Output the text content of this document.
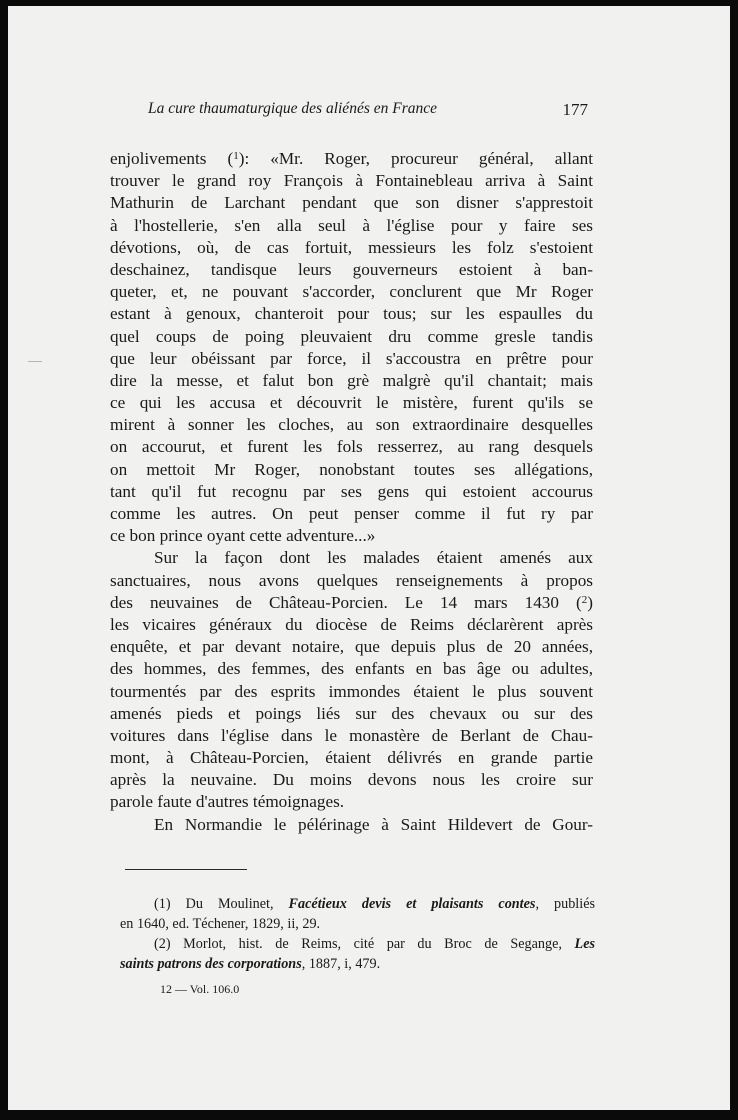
La cure thaumaturgique des aliénés en France	177
enjolivements ($^1$): «Mr. Roger, procureur général, allant
trouver le grand roy François à Fontainebleau arriva à Saint
Mathurin de Larchant pendant que son disner s'apprestoit
à l'hostellerie, s'en alla seul à l'église pour y faire ses
dévotions, où, de cas fortuit, messieurs les folz s'estoient
deschainez, tandisque leurs gouverneurs estoient à ban-
queter, et, ne pouvant s'accorder, conclurent que Mr Roger
estant à genoux, chanteroit pour tous; sur les espaulles du
quel coups de poing pleuvaient dru comme gresle tandis
que leur obéissant par force, il s'accoustra en prêtre pour
dire la messe, et falut bon grè malgrè qu'il chantait; mais
ce qui les accusa et découvrit le mistère, furent qu'ils se
mirent à sonner les cloches, au son extraordinaire desquelles
on accourut, et furent les fols resserrez, au rang desquels
on mettoit Mr Roger, nonobstant toutes ses allégations,
tant qu'il fut recognu par ses gens qui estoient accourus
comme les autres. On peut penser comme il fut ry par
ce bon prince oyant cette adventure...»
Sur la façon dont les malades étaient amenés aux
sanctuaires, nous avons quelques renseignements à propos
des neuvaines de Château-Porcien. Le 14 mars 1430 ($^2$)
les vicaires généraux du diocèse de Reims déclarèrent après
enquête, et par devant notaire, que depuis plus de 20 années,
des hommes, des femmes, des enfants en bas âge ou adultes,
tourmentés par des esprits immondes étaient le plus souvent
amenés pieds et poings liés sur des chevaux ou sur des
voitures dans l'église dans le monastère de Berlant de Chau-
mont, à Château-Porcien, étaient délivrés en grande partie
après la neuvaine. Du moins devons nous les croire sur
parole faute d'autres témoignages.
En Normandie le pélérinage à Saint Hildevert de Gour-
(1) Du Moulinet, Facétieux devis et plaisants contes, publiés
en 1640, ed. Téchener, 1829, ii, 29.
(2) Morlot, hist. de Reims, cité par du Broc de Segange, Les
saints patrons des corporations, 1887, i, 479.
12 — Vol. 106.0
